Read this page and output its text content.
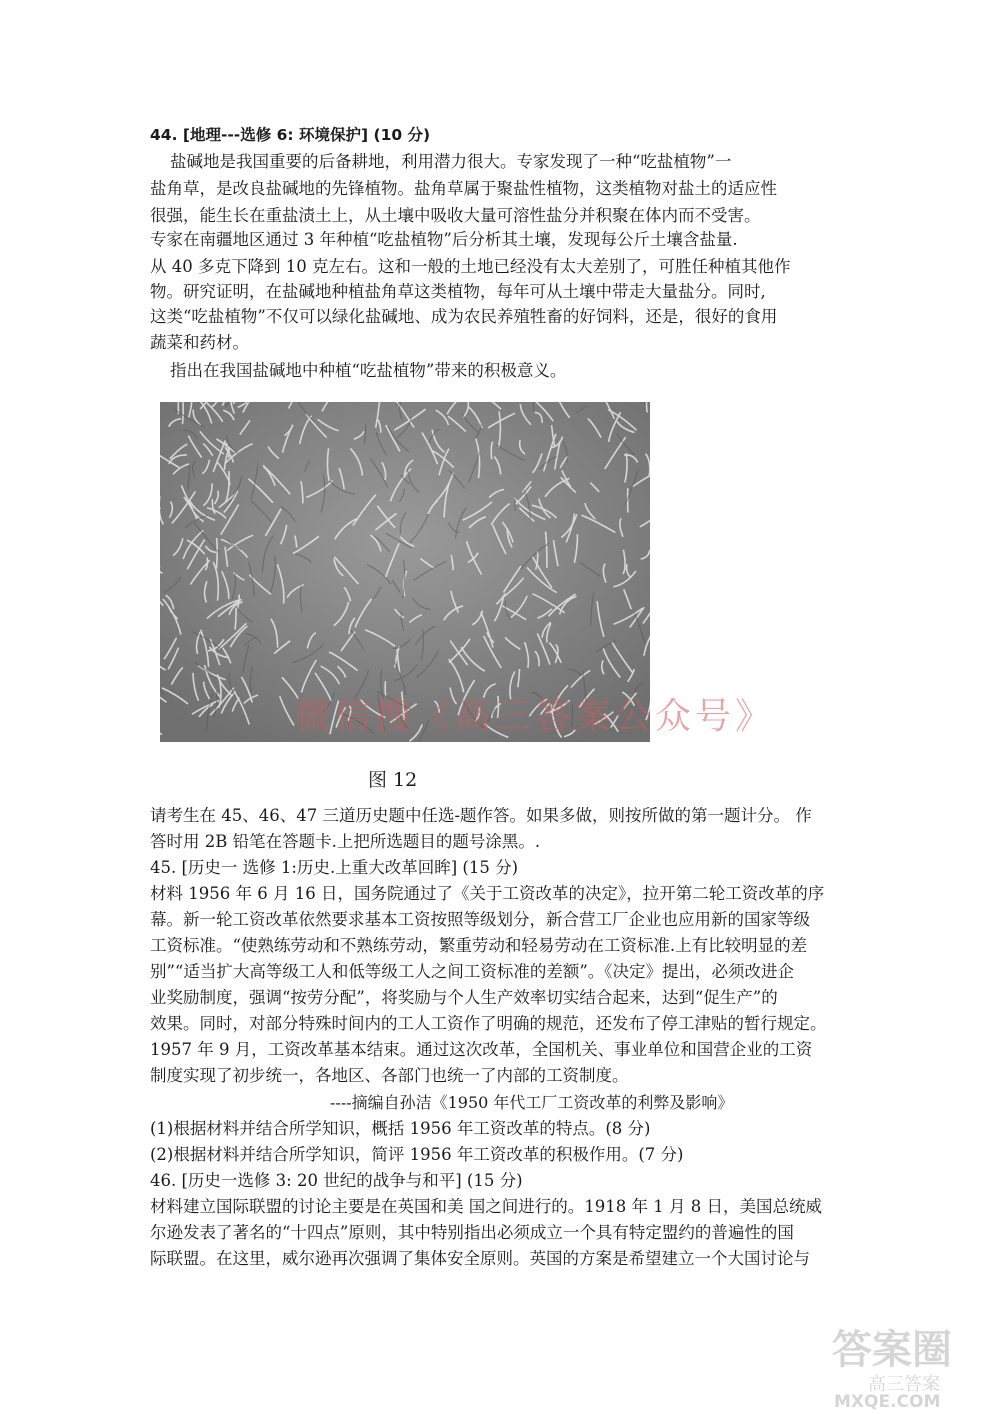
44. [地理---选修 6: 环境保护] (10 分)
盐碱地是我国重要的后备耕地，利用潜力很大。专家发现了一种“吃盐植物”一
盐角草，是改良盐碱地的先锋植物。盐角草属于聚盐性植物，这类植物对盐土的适应性
很强，能生长在重盐渍土上，从土壤中吸收大量可溶性盐分并积聚在体内而不受害。
专家在南疆地区通过 3 年种植“吃盐植物”后分析其土壤，发现每公斤土壤含盐量.
从 40 多克下降到 10 克左右。这和一般的土地已经没有太大差别了，可胜任种植其他作
物。研究证明，在盐碱地种植盐角草这类植物，每年可从土壤中带走大量盐分。同时,
这类“吃盐植物”不仅可以绿化盐碱地、成为农民养殖牲畜的好饲料，还是，很好的食用
蔬菜和药材。
指出在我国盐碱地中种植“吃盐植物”带来的积极意义。
微信搜《高三答案公众号》
图 12
请考生在 45、46、47 三道历史题中任选-题作答。如果多做，则按所做的第一题计分。 作
答时用 2B 铅笔在答题卡.上把所选题目的题号涂黑。.
45. [历史一 选修 1:历史.上重大改革回眸] (15 分)
材料 1956 年 6 月 16 日，国务院通过了《关于工资改革的决定》，拉开第二轮工资改革的序
幕。新一轮工资改革依然要求基本工资按照等级划分，新合营工厂企业也应用新的国家等级
工资标准。“使熟练劳动和不熟练劳动，繁重劳动和轻易劳动在工资标准.上有比较明显的差
别”“适当扩大高等级工人和低等级工人之间工资标准的差额”。《决定》提出，必须改进企
业奖励制度，强调“按劳分配”，将奖励与个人生产效率切实结合起来，达到“促生产”的
效果。同时，对部分特殊时间内的工人工资作了明确的规范，还发布了停工津贴的暂行规定。
1957 年 9 月，工资改革基本结束。通过这次改革，全国机关、事业单位和国营企业的工资
制度实现了初步统一，各地区、各部门也统一了内部的工资制度。
----摘编自孙洁《1950 年代工厂工资改革的利弊及影响》
(1)根据材料并结合所学知识，概括 1956 年工资改革的特点。(8 分)
(2)根据材料并结合所学知识，简评 1956 年工资改革的积极作用。(7 分)
46. [历史一选修 3: 20 世纪的战争与和平] (15 分)
材料建立国际联盟的讨论主要是在英国和美 国之间进行的。1918 年 1 月 8 日，美国总统威
尔逊发表了著名的“十四点”原则，其中特别指出必须成立一个具有特定盟约的普遍性的国
际联盟。在这里，威尔逊再次强调了集体安全原则。英国的方案是希望建立一个大国讨论与
答案圈
高三答案
MXQE.COM
